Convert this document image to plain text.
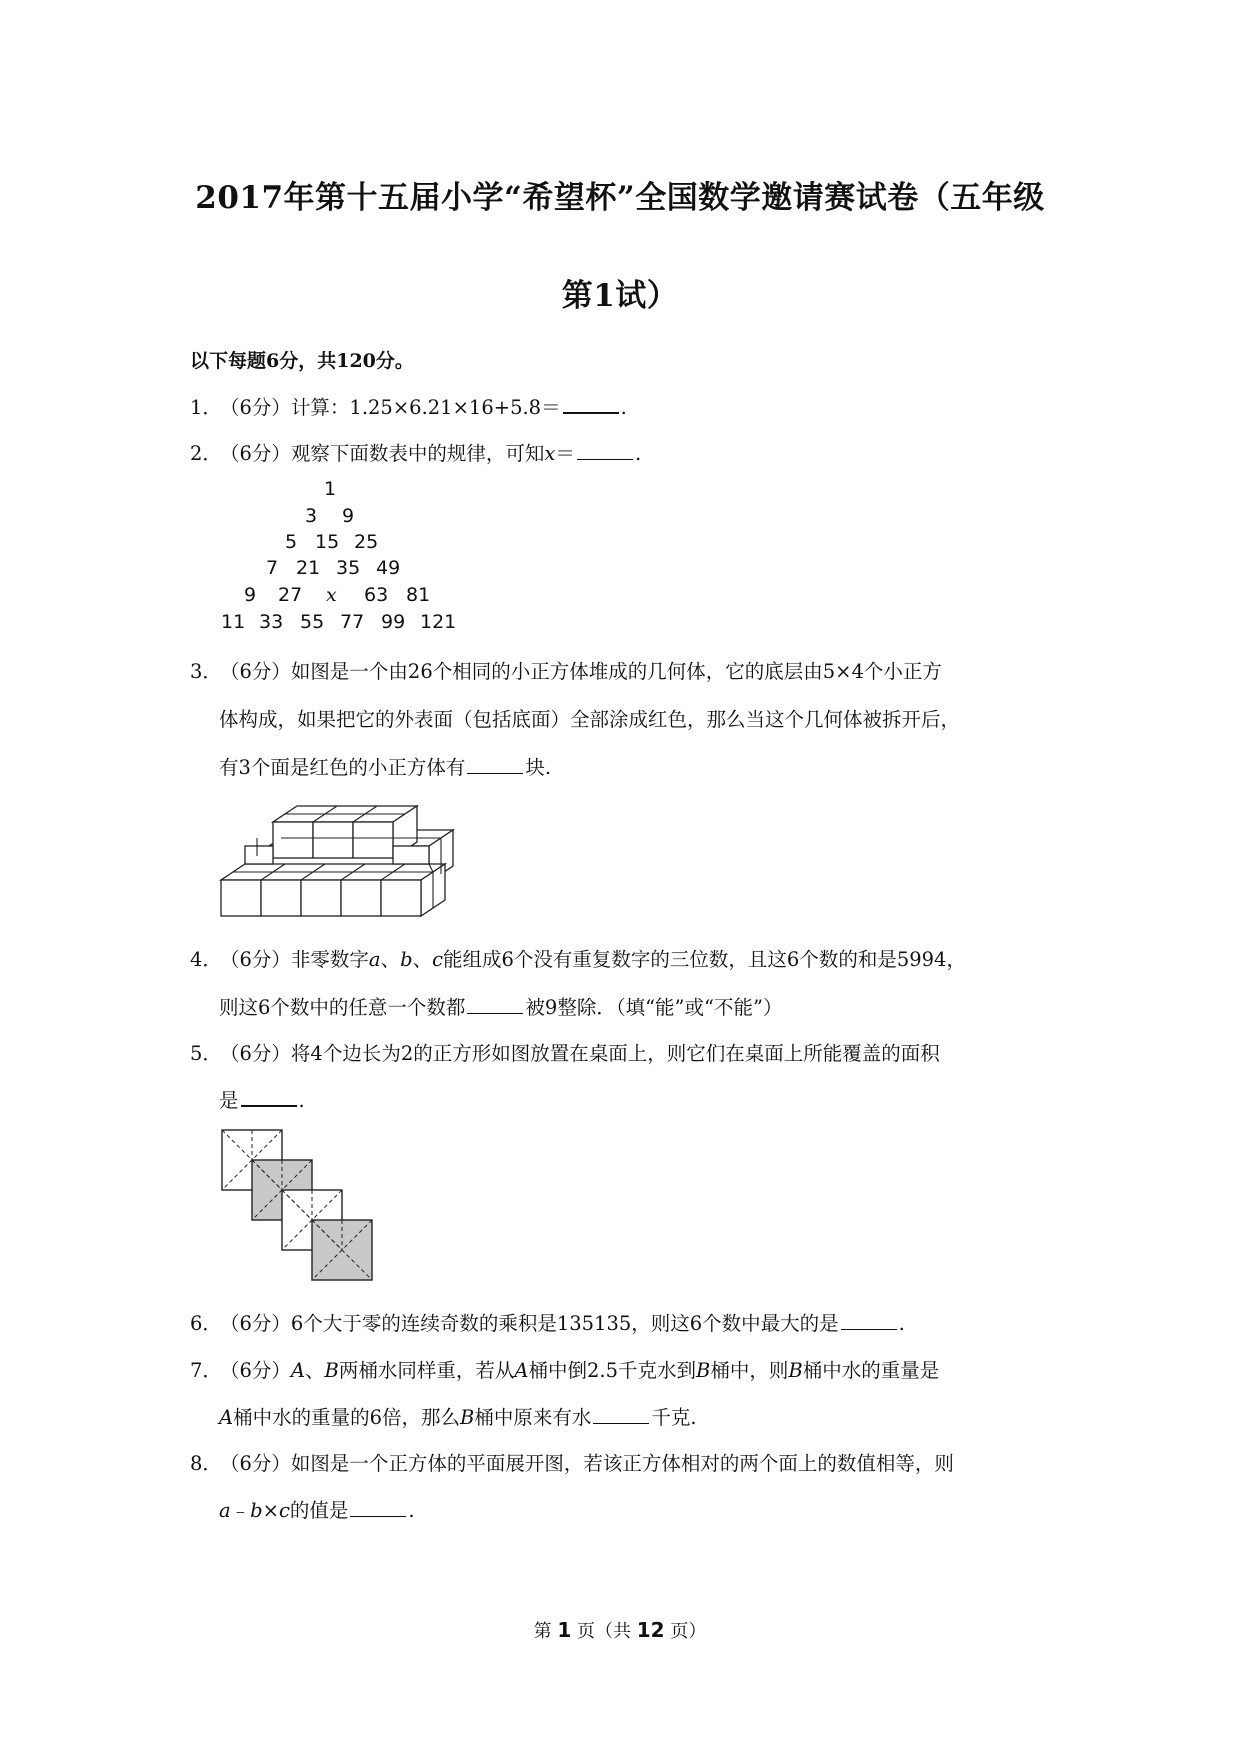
2017年第十五届小学“希望杯”全国数学邀请赛试卷（五年级
第1试）
以下每题6分，共120分。
1．（6分）计算：1.25×6.21×16+5.8＝	.
2．（6分）观察下面数表中的规律，可知x＝	.
1
3 9
5 15 25
7 21 35 49
9 27 x 63 81
11 33 55 77 99 121
3．（6分）如图是一个由26个相同的小正方体堆成的几何体，它的底层由5×4个小正方
体构成，如果把它的外表面（包括底面）全部涂成红色，那么当这个几何体被拆开后，
有3个面是红色的小正方体有	块.
4．（6分）非零数字a、b、c能组成6个没有重复数字的三位数，且这6个数的和是5994，
则这6个数中的任意一个数都	被9整除．（填“能”或“不能”）
5．（6分）将4个边长为2的正方形如图放置在桌面上，则它们在桌面上所能覆盖的面积
是	.
6．（6分）6个大于零的连续奇数的乘积是135135，则这6个数中最大的是	.
7．（6分）A、B两桶水同样重，若从A桶中倒2.5千克水到B桶中，则B桶中水的重量是
A桶中水的重量的6倍，那么B桶中原来有水	千克.
8．（6分）如图是一个正方体的平面展开图，若该正方体相对的两个面上的数值相等，则
a﹣b×c的值是	.
第 1 页（共 12 页）
